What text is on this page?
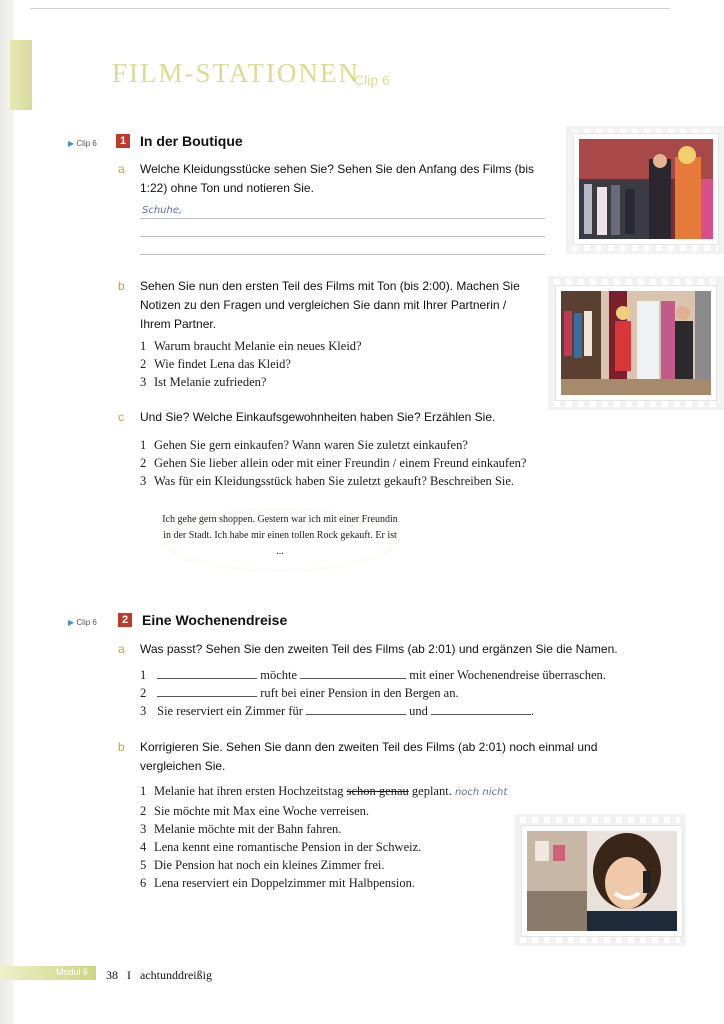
FILM-STATIONEN
Clip 6
▶ Clip 6	1 In der Boutique
a Welche Kleidungsstücke sehen Sie? Sehen Sie den Anfang des Films (bis 1:22) ohne Ton und notieren Sie.
Schuhe,
b Sehen Sie nun den ersten Teil des Films mit Ton (bis 2:00). Machen Sie Notizen zu den Fragen und vergleichen Sie dann mit Ihrer Partnerin / Ihrem Partner.
1 Warum braucht Melanie ein neues Kleid?
2 Wie findet Lena das Kleid?
3 Ist Melanie zufrieden?
c Und Sie? Welche Einkaufsgewohnheiten haben Sie? Erzählen Sie.
1 Gehen Sie gern einkaufen? Wann waren Sie zuletzt einkaufen?
2 Gehen Sie lieber allein oder mit einer Freundin / einem Freund einkaufen?
3 Was für ein Kleidungsstück haben Sie zuletzt gekauft? Beschreiben Sie.
Ich gehe gern shoppen. Gestern war ich mit einer Freundin in der Stadt. Ich habe mir einen tollen Rock gekauft. Er ist ...
▶ Clip 6	2 Eine Wochenendreise
a Was passt? Sehen Sie den zweiten Teil des Films (ab 2:01) und ergänzen Sie die Namen.
1	möchte	mit einer Wochenendreise überraschen.
2	ruft bei einer Pension in den Bergen an.
3 Sie reserviert ein Zimmer für	und	.
b Korrigieren Sie. Sehen Sie dann den zweiten Teil des Films (ab 2:01) noch einmal und vergleichen Sie.
1 Melanie hat ihren ersten Hochzeitstag schon genau geplant. noch nicht
2 Sie möchte mit Max eine Woche verreisen.
3 Melanie möchte mit der Bahn fahren.
4 Lena kennt eine romantische Pension in der Schweiz.
5 Die Pension hat noch ein kleines Zimmer frei.
6 Lena reserviert ein Doppelzimmer mit Halbpension.
Modul 6 38 I achtunddreißig
